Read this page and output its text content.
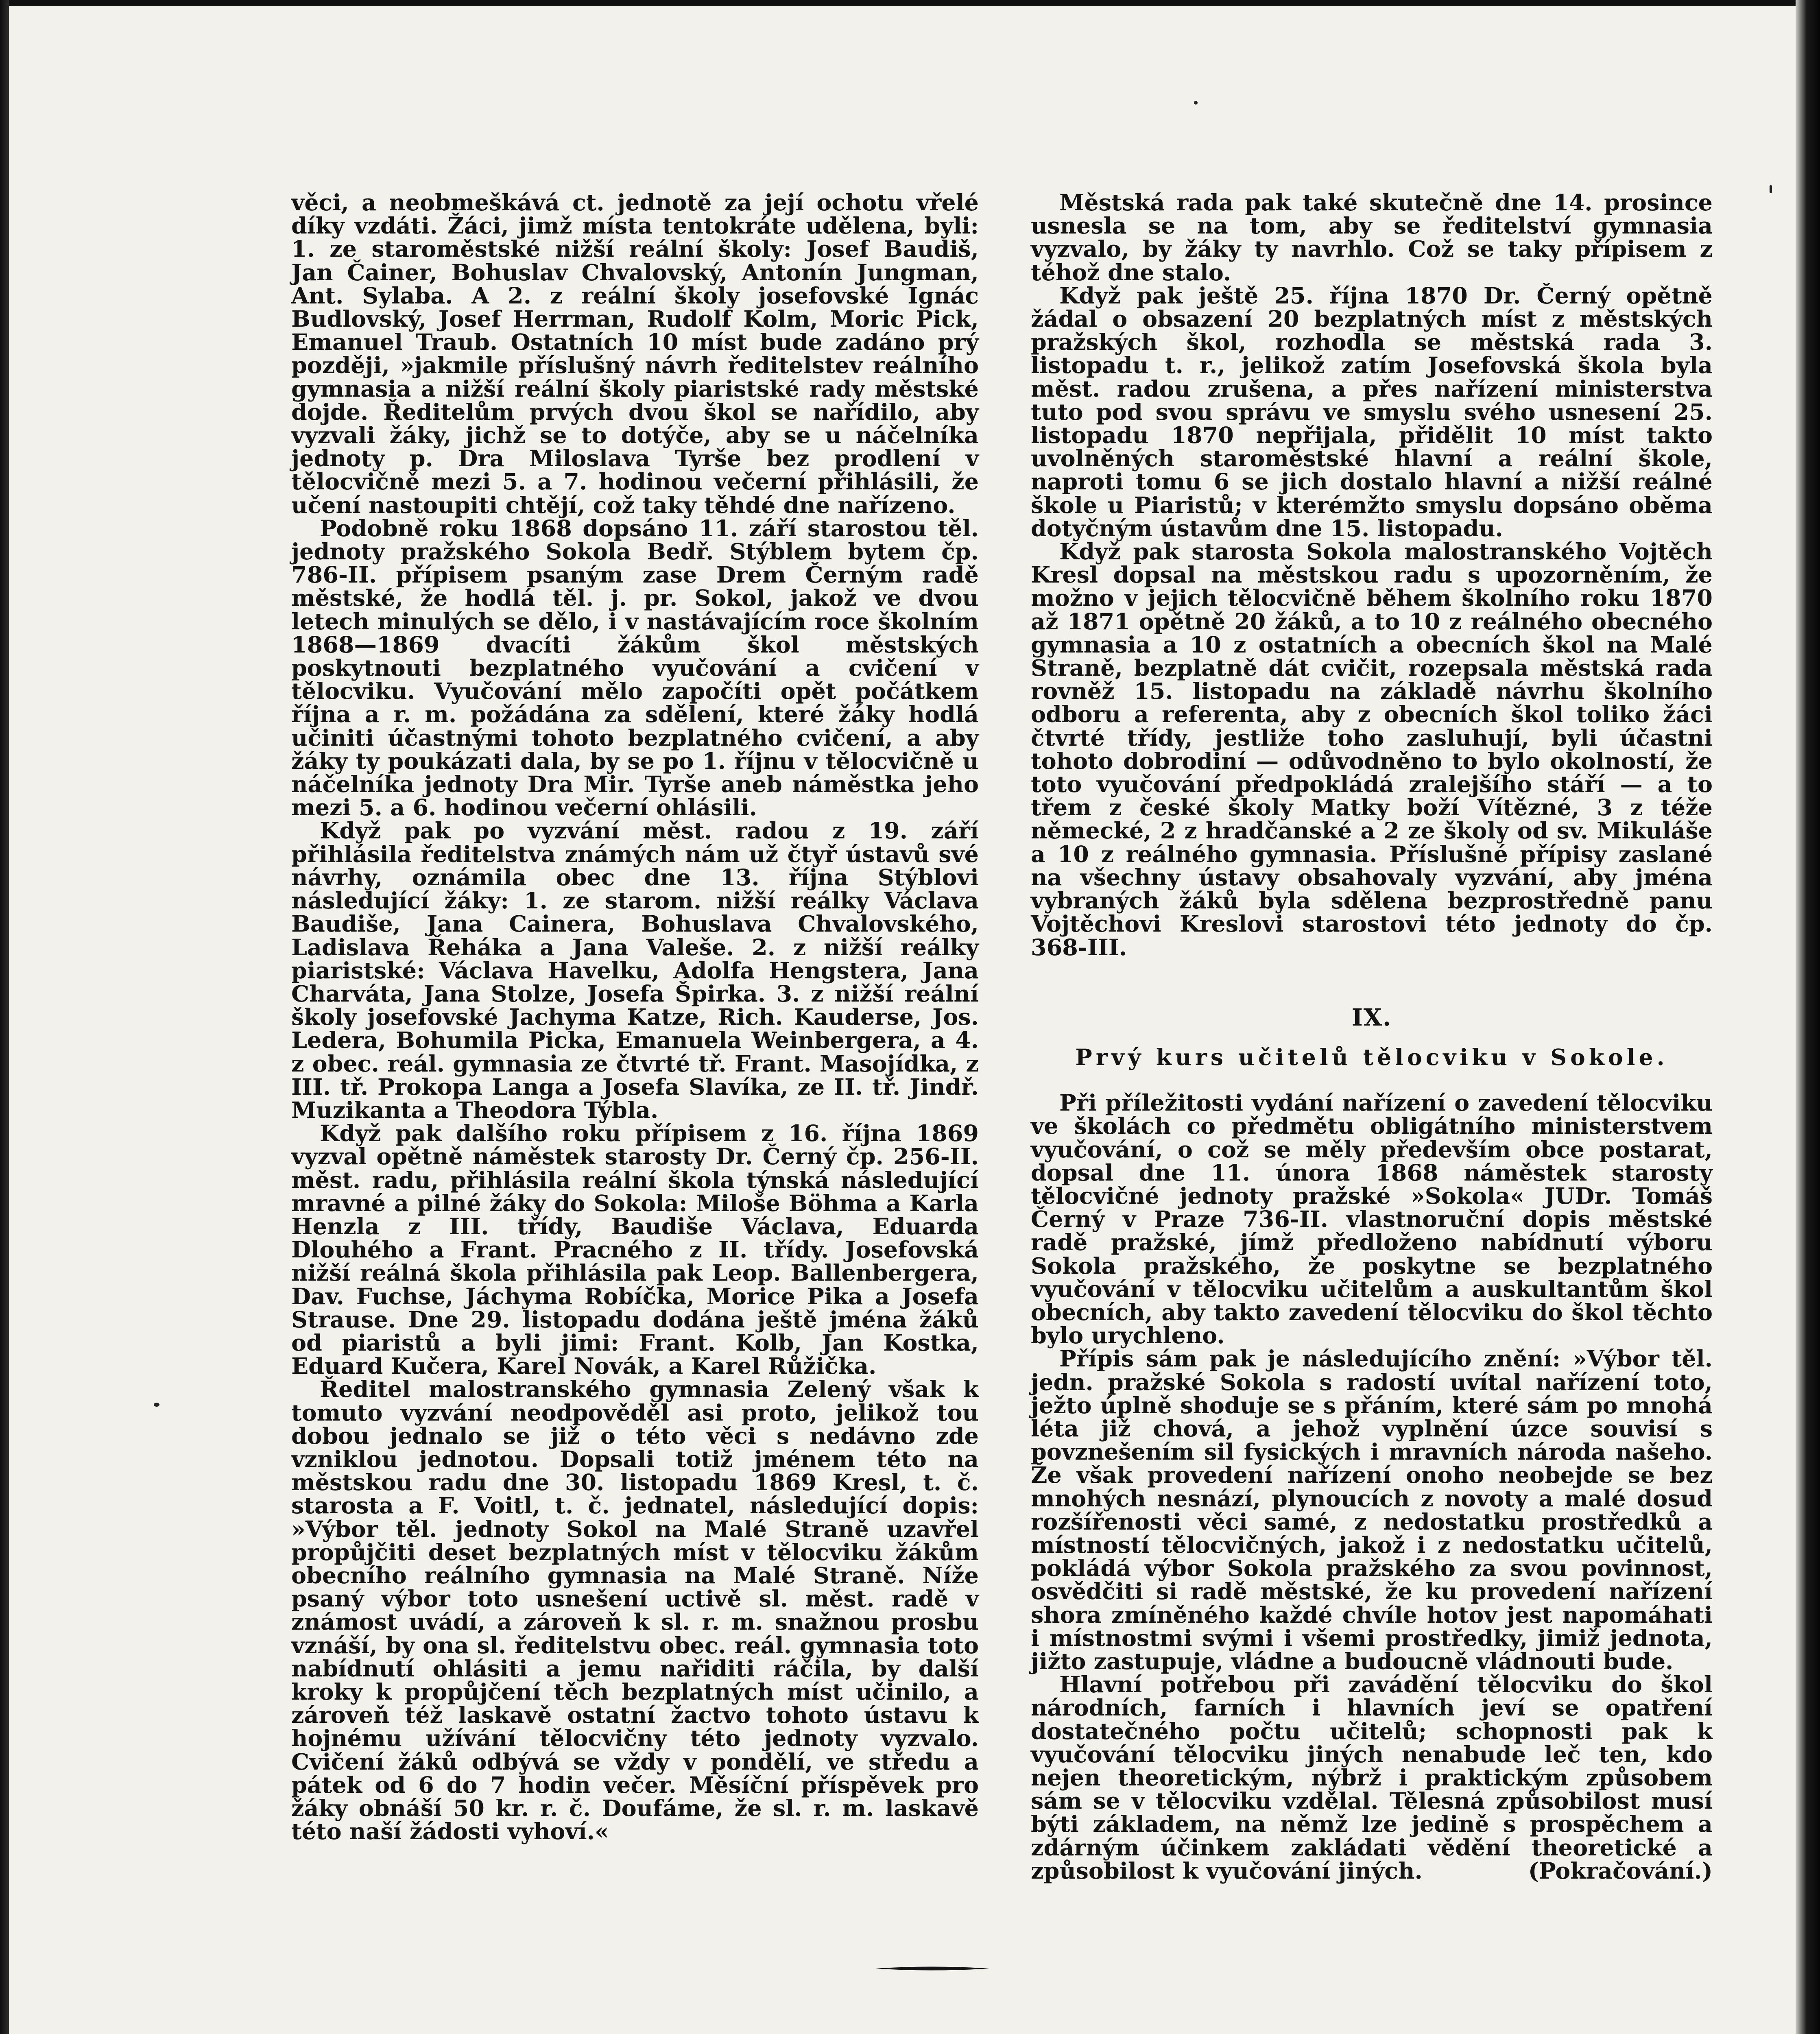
věci, a neobmeškává ct. jednotě za její ochotu vřelé díky vzdáti. Žáci, jimž místa tentokráte udělena, byli: 1. ze staroměstské nižší reální školy: Josef Baudiš, Jan Čainer, Bohuslav Chvalovský, Antonín Jungman, Ant. Sylaba. A 2. z reální školy josefovské Ignác Budlovský, Josef Herrman, Rudolf Kolm, Moric Pick, Emanuel Traub. Ostatních 10 míst bude zadáno prý později, »jakmile příslušný návrh ředitelstev reálního gymnasia a nižší reální školy piaristské rady městské dojde. Ředitelům prvých dvou škol se nařídilo, aby vyzvali žáky, jichž se to dotýče, aby se u náčelníka jednoty p. Dra Miloslava Tyrše bez prodlení v tělocvičně mezi 5. a 7. hodinou večerní přihlásili, že učení nastoupiti chtějí, což taky těhdé dne nařízeno.

Podobně roku 1868 dopsáno 11. září starostou těl. jednoty pražského Sokola Bedř. Stýblem bytem čp. 786-II. přípisem psaným zase Drem Černým radě městské, že hodlá těl. j. pr. Sokol, jakož ve dvou letech minulých se dělo, i v nastávajícím roce školním 1868—1869 dvacíti žákům škol městských poskytnouti bezplatného vyučování a cvičení v tělocviku. Vyučování mělo započíti opět počátkem října a r. m. požádána za sdělení, které žáky hodlá učiniti účastnými tohoto bezplatného cvičení, a aby žáky ty poukázati dala, by se po 1. říjnu v tělocvičně u náčelníka jednoty Dra Mir. Tyrše aneb náměstka jeho mezi 5. a 6. hodinou večerní ohlásili.

Když pak po vyzvání měst. radou z 19. září přihlásila ředitelstva známých nám už čtyř ústavů své návrhy, oznámila obec dne 13. října Stýblovi následující žáky: 1. ze starom. nižší reálky Václava Baudiše, Jana Cainera, Bohuslava Chvalovského, Ladislava Řeháka a Jana Valeše. 2. z nižší reálky piaristské: Václava Havelku, Adolfa Hengstera, Jana Charváta, Jana Stolze, Josefa Špirka. 3. z nižší reální školy josefovské Jachyma Katze, Rich. Kauderse, Jos. Ledera, Bohumila Picka, Emanuela Weinbergera, a 4. z obec. reál. gymnasia ze čtvrté tř. Frant. Masojídka, z III. tř. Prokopa Langa a Josefa Slavíka, ze II. tř. Jindř. Muzikanta a Theodora Týbla.

Když pak dalšího roku přípisem z 16. října 1869 vyzval opětně náměstek starosty Dr. Černý čp. 256-II. měst. radu, přihlásila reální škola týnská následující mravné a pilné žáky do Sokola: Miloše Böhma a Karla Henzla z III. třídy, Baudiše Václava, Eduarda Dlouhého a Frant. Pracného z II. třídy. Josefovská nižší reálná škola přihlásila pak Leop. Ballenbergera, Dav. Fuchse, Jáchyma Robíčka, Morice Pika a Josefa Strause. Dne 29. listopadu dodána ještě jména žáků od piaristů a byli jimi: Frant. Kolb, Jan Kostka, Eduard Kučera, Karel Novák, a Karel Růžička.

Ředitel malostranského gymnasia Zelený však k tomuto vyzvání neodpověděl asi proto, jelikož tou dobou jednalo se již o této věci s nedávno zde vzniklou jednotou. Dopsali totiž jménem této na městskou radu dne 30. listopadu 1869 Kresl, t. č. starosta a F. Voitl, t. č. jednatel, následující dopis: »Výbor těl. jednoty Sokol na Malé Straně uzavřel propůjčiti deset bezplatných míst v tělocviku žákům obecního reálního gymnasia na Malé Straně. Níže psaný výbor toto usnešení uctivě sl. měst. radě v známost uvádí, a zároveň k sl. r. m. snažnou prosbu vznáší, by ona sl. ředitelstvu obec. reál. gymnasia toto nabídnutí ohlásiti a jemu nařiditi ráčila, by další kroky k propůjčení těch bezplatných míst učinilo, a zároveň též laskavě ostatní žactvo tohoto ústavu k hojnému užívání tělocvičny této jednoty vyzvalo. Cvičení žáků odbývá se vždy v pondělí, ve středu a pátek od 6 do 7 hodin večer. Měsíční příspěvek pro žáky obnáší 50 kr. r. č. Doufáme, že sl. r. m. laskavě této naší žádosti vyhoví.«

Městská rada pak také skutečně dne 14. prosince usnesla se na tom, aby se ředitelství gymnasia vyzvalo, by žáky ty navrhlo. Což se taky přípisem z téhož dne stalo.

Když pak ještě 25. října 1870 Dr. Černý opětně žádal o obsazení 20 bezplatných míst z městských pražských škol, rozhodla se městská rada 3. listopadu t. r., jelikož zatím Josefovská škola byla měst. radou zrušena, a přes nařízení ministerstva tuto pod svou správu ve smyslu svého usnesení 25. listopadu 1870 nepřijala, přidělit 10 míst takto uvolněných staroměstské hlavní a reální škole, naproti tomu 6 se jich dostalo hlavní a nižší reálné škole u Piaristů; v kterémžto smyslu dopsáno oběma dotyčným ústavům dne 15. listopadu.

Když pak starosta Sokola malostranského Vojtěch Kresl dopsal na městskou radu s upozorněním, že možno v jejich tělocvičně během školního roku 1870 až 1871 opětně 20 žáků, a to 10 z reálného obecného gymnasia a 10 z ostatních a obecních škol na Malé Straně, bezplatně dát cvičit, rozepsala městská rada rovněž 15. listopadu na základě návrhu školního odboru a referenta, aby z obecních škol toliko žáci čtvrté třídy, jestliže toho zasluhují, byli účastni tohoto dobrodiní — odůvodněno to bylo okolností, že toto vyučování předpokládá zralejšího stáří — a to třem z české školy Matky boží Vítězné, 3 z téže německé, 2 z hradčanské a 2 ze školy od sv. Mikuláše a 10 z reálného gymnasia. Příslušné přípisy zaslané na všechny ústavy obsahovaly vyzvání, aby jména vybraných žáků byla sdělena bezprostředně panu Vojtěchovi Kreslovi starostovi této jednoty do čp. 368-III.

IX.
Prvý kurs učitelů tělocviku v Sokole.

Při příležitosti vydání nařízení o zavedení tělocviku ve školách co předmětu obligátního ministerstvem vyučování, o což se měly především obce postarat, dopsal dne 11. února 1868 náměstek starosty tělocvičné jednoty pražské »Sokola« JUDr. Tomáš Černý v Praze 736-II. vlastnoruční dopis městské radě pražské, jímž předloženo nabídnutí výboru Sokola pražského, že poskytne se bezplatného vyučování v tělocviku učitelům a auskultantům škol obecních, aby takto zavedení tělocviku do škol těchto bylo urychleno.

Přípis sám pak je následujícího znění: »Výbor těl. jedn. pražské Sokola s radostí uvítal nařízení toto, ježto úplně shoduje se s přáním, které sám po mnohá léta již chová, a jehož vyplnění úzce souvisí s povznešením sil fysických i mravních národa našeho. Že však provedení nařízení onoho neobejde se bez mnohých nesnází, plynoucích z novoty a malé dosud rozšířenosti věci samé, z nedostatku prostředků a místností tělocvičných, jakož i z nedostatku učitelů, pokládá výbor Sokola pražského za svou povinnost, osvědčiti si radě městské, že ku provedení nařízení shora zmíněného každé chvíle hotov jest napomáhati i místnostmi svými i všemi prostředky, jimiž jednota, jižto zastupuje, vládne a budoucně vládnouti bude.

Hlavní potřebou při zavádění tělocviku do škol národních, farních i hlavních jeví se opatření dostatečného počtu učitelů; schopnosti pak k vyučování tělocviku jiných nenabude leč ten, kdo nejen theoretickým, nýbrž i praktickým způsobem sám se v tělocviku vzdělal. Tělesná způsobilost musí býti základem, na němž lze jedině s prospěchem a zdárným účinkem zakládati vědění theoretické a způsobilost k vyučování jiných.	(Pokračování.)
